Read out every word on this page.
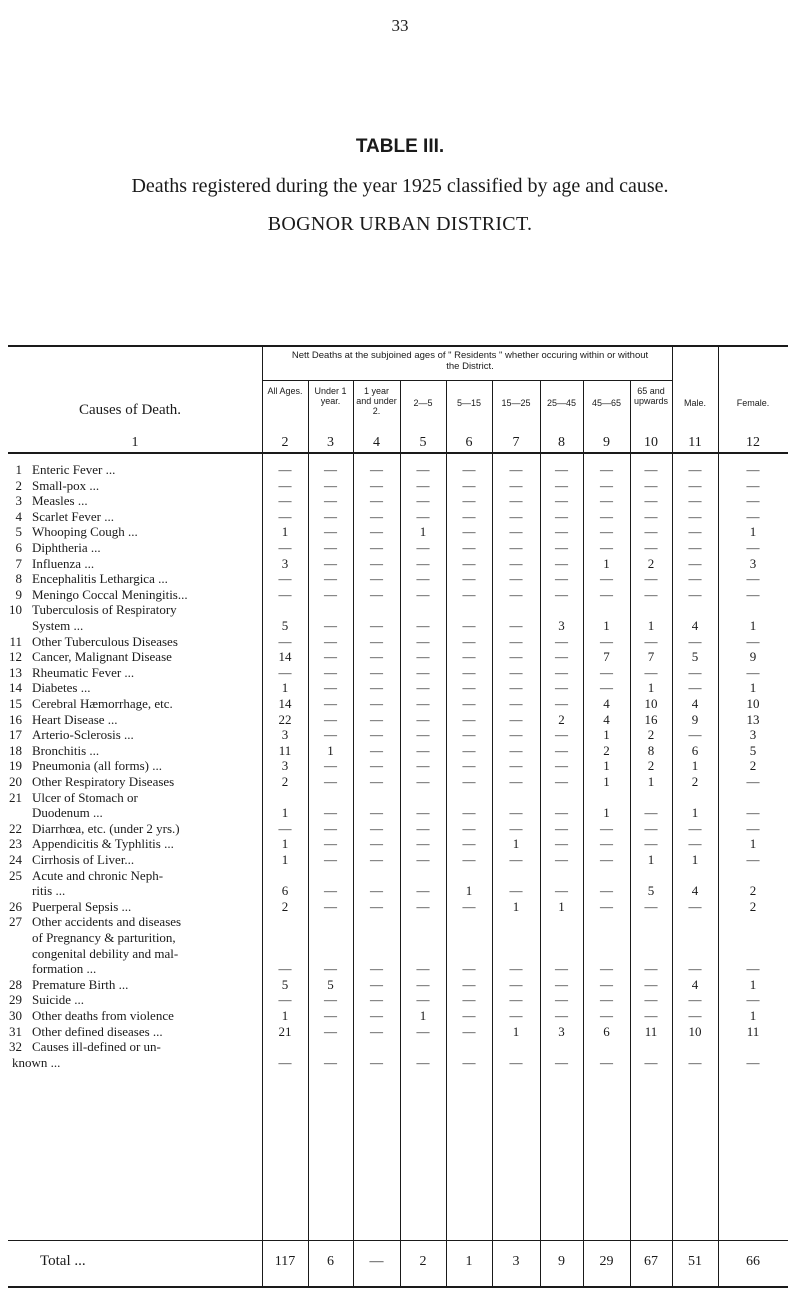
33
TABLE III.
Deaths registered during the year 1925 classified by age and cause.
BOGNOR URBAN DISTRICT.
Causes of Death.
1
Nett Deaths at the subjoined ages of " Residents " whether occuring within or without the District.
All Ages.
2
Under 1 year.
3
1 year and under 2.
4
2—5
5
5—15
6
15—25
7
25—45
8
45—65
9
65 and upwards
10
Male.
11
Female.
12
1 Enteric Fever ...	—	—	—	—	—	—	—	—	—	—	—
2 Small-pox ...	—	—	—	—	—	—	—	—	—	—	—
3 Measles ...	—	—	—	—	—	—	—	—	—	—	—
4 Scarlet Fever ...	—	—	—	—	—	—	—	—	—	—	—
5 Whooping Cough ...	1	—	—	1	—	—	—	—	—	—	1
6 Diphtheria ...	—	—	—	—	—	—	—	—	—	—	—
7 Influenza ...	3	—	—	—	—	—	—	1	2	—	3
8 Encephalitis Lethargica ...	—	—	—	—	—	—	—	—	—	—	—
9 Meningo Coccal Meningitis...	—	—	—	—	—	—	—	—	—	—	—
10 Tuberculosis of Respiratory
System ...	5	—	—	—	—	—	3	1	1	4	1
11 Other Tuberculous Diseases	—	—	—	—	—	—	—	—	—	—	—
12 Cancer, Malignant Disease	14	—	—	—	—	—	—	7	7	5	9
13 Rheumatic Fever ...	—	—	—	—	—	—	—	—	—	—	—
14 Diabetes ...	1	—	—	—	—	—	—	—	1	—	1
15 Cerebral Hæmorrhage, etc.	14	—	—	—	—	—	—	4	10	4	10
16 Heart Disease ...	22	—	—	—	—	—	2	4	16	9	13
17 Arterio-Sclerosis ...	3	—	—	—	—	—	—	1	2	—	3
18 Bronchitis ...	11	1	—	—	—	—	—	2	8	6	5
19 Pneumonia (all forms) ...	3	—	—	—	—	—	—	1	2	1	2
20 Other Respiratory Diseases	2	—	—	—	—	—	—	1	1	2	—
21 Ulcer of Stomach or
Duodenum ...	1	—	—	—	—	—	—	1	—	1	—
22 Diarrhœa, etc. (under 2 yrs.)	—	—	—	—	—	—	—	—	—	—	—
23 Appendicitis & Typhlitis ...	1	—	—	—	—	1	—	—	—	—	1
24 Cirrhosis of Liver...	1	—	—	—	—	—	—	—	1	1	—
25 Acute and chronic Neph-
ritis ...	6	—	—	—	1	—	—	—	5	4	2
26 Puerperal Sepsis ...	2	—	—	—	—	1	1	—	—	—	2
27 Other accidents and diseases
of Pregnancy & parturition,
congenital debility and mal-
formation ...	—	—	—	—	—	—	—	—	—	—	—
28 Premature Birth ...	5	5	—	—	—	—	—	—	—	4	1
29 Suicide ...	—	—	—	—	—	—	—	—	—	—	—
30 Other deaths from violence	1	—	—	1	—	—	—	—	—	—	1
31 Other defined diseases ...	21	—	—	—	—	1	3	6	11	10	11
32 Causes ill-defined or un-
known ...	—	—	—	—	—	—	—	—	—	—	—
Total ...	117	6	—	2	1	3	9	29	67	51	66
